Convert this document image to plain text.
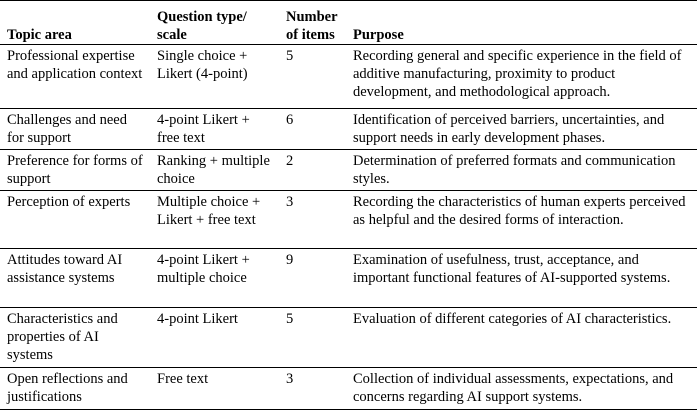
Topic area	Question type/ scale	Number of items	Purpose
Professional expertise and application context	Single choice + Likert (4-point)	5	Recording general and specific experience in the field of additive manufacturing, proximity to product development, and methodological approach.
Challenges and need for support	4-point Likert + free text	6	Identification of perceived barriers, uncertainties, and support needs in early development phases.
Preference for forms of support	Ranking + multiple choice	2	Determination of preferred formats and communication styles.
Perception of experts	Multiple choice + Likert + free text	3	Recording the characteristics of human experts perceived as helpful and the desired forms of interaction.
Attitudes toward AI assistance systems	4-point Likert + multiple choice	9	Examination of usefulness, trust, acceptance, and important functional features of AI-supported systems.
Characteristics and properties of AI systems	4-point Likert	5	Evaluation of different categories of AI characteristics.
Open reflections and justifications	Free text	3	Collection of individual assessments, expectations, and concerns regarding AI support systems.
